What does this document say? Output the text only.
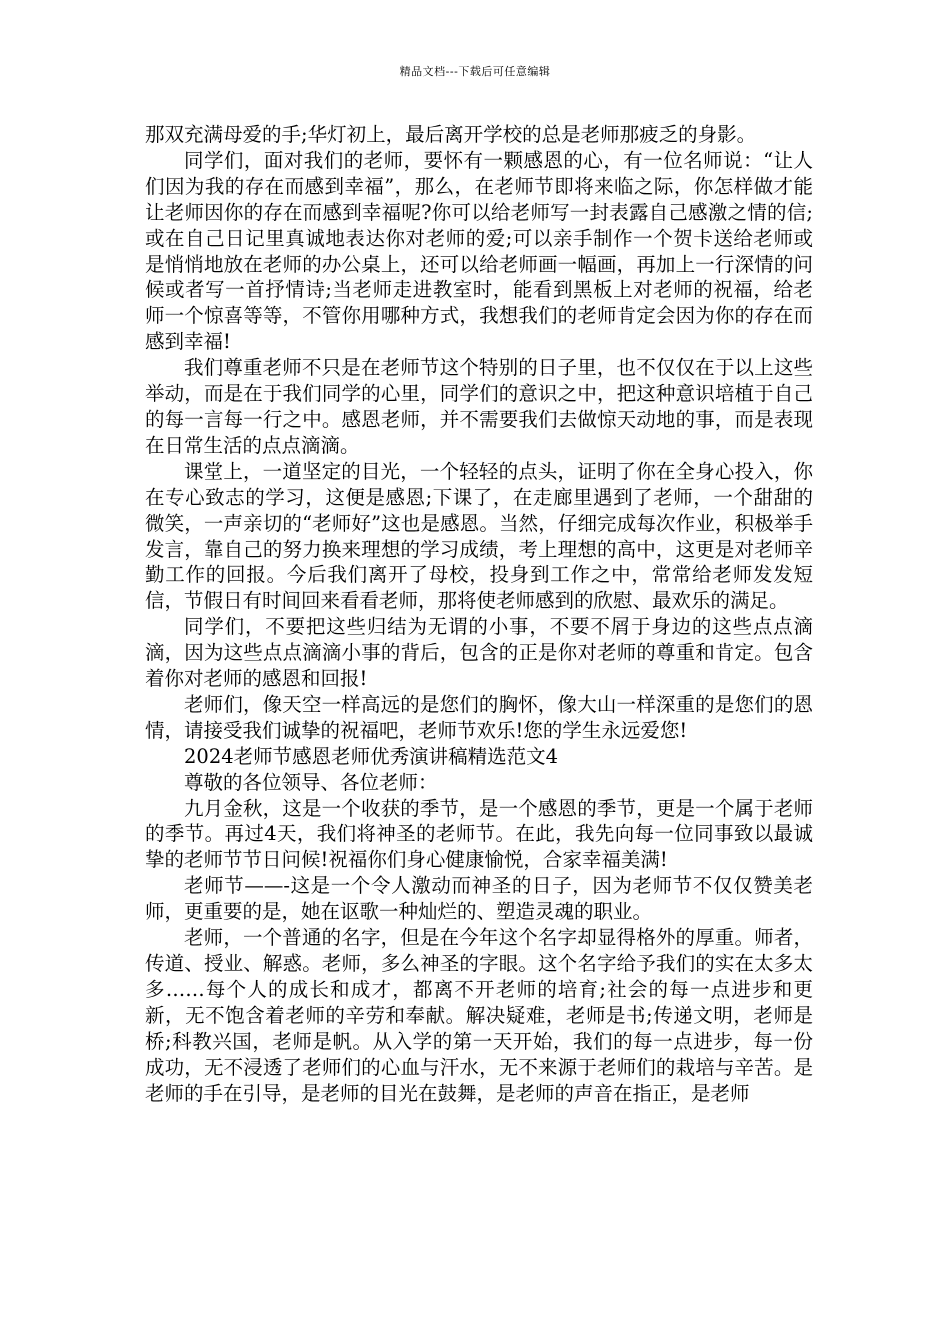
精品文档---下载后可任意编辑

那双充满母爱的手;华灯初上，最后离开学校的总是老师那疲乏的身影。

同学们，面对我们的老师，要怀有一颗感恩的心，有一位名师说：“让人们因为我的存在而感到幸福”，那么，在老师节即将来临之际，你怎样做才能让老师因你的存在而感到幸福呢?你可以给老师写一封表露自己感激之情的信;或在自己日记里真诚地表达你对老师的爱;可以亲手制作一个贺卡送给老师或是悄悄地放在老师的办公桌上，还可以给老师画一幅画，再加上一行深情的问候或者写一首抒情诗;当老师走进教室时，能看到黑板上对老师的祝福，给老师一个惊喜等等，不管你用哪种方式，我想我们的老师肯定会因为你的存在而感到幸福!

我们尊重老师不只是在老师节这个特别的日子里，也不仅仅在于以上这些举动，而是在于我们同学的心里，同学们的意识之中，把这种意识培植于自己的每一言每一行之中。感恩老师，并不需要我们去做惊天动地的事，而是表现在日常生活的点点滴滴。

课堂上，一道坚定的目光，一个轻轻的点头，证明了你在全身心投入，你在专心致志的学习，这便是感恩;下课了，在走廊里遇到了老师，一个甜甜的微笑，一声亲切的“老师好”这也是感恩。当然，仔细完成每次作业，积极举手发言，靠自己的努力换来理想的学习成绩，考上理想的高中，这更是对老师辛勤工作的回报。今后我们离开了母校，投身到工作之中，常常给老师发发短信，节假日有时间回来看看老师，那将使老师感到的欣慰、最欢乐的满足。

同学们，不要把这些归结为无谓的小事，不要不屑于身边的这些点点滴滴，因为这些点点滴滴小事的背后，包含的正是你对老师的尊重和肯定。包含着你对老师的感恩和回报!

老师们，像天空一样高远的是您们的胸怀，像大山一样深重的是您们的恩情，请接受我们诚挚的祝福吧，老师节欢乐!您的学生永远爱您!

2024老师节感恩老师优秀演讲稿精选范文4

尊敬的各位领导、各位老师：

九月金秋，这是一个收获的季节，是一个感恩的季节，更是一个属于老师的季节。再过4天，我们将神圣的老师节。在此，我先向每一位同事致以最诚挚的老师节节日问候!祝福你们身心健康愉悦，合家幸福美满!

老师节——-这是一个令人激动而神圣的日子，因为老师节不仅仅赞美老师，更重要的是，她在讴歌一种灿烂的、塑造灵魂的职业。

老师，一个普通的名字，但是在今年这个名字却显得格外的厚重。师者，传道、授业、解惑。老师，多么神圣的字眼。这个名字给予我们的实在太多太多……每个人的成长和成才，都离不开老师的培育;社会的每一点进步和更新，无不饱含着老师的辛劳和奉献。解决疑难，老师是书;传递文明，老师是桥;科教兴国，老师是帆。从入学的第一天开始，我们的每一点进步，每一份成功，无不浸透了老师们的心血与汗水，无不来源于老师们的栽培与辛苦。是老师的手在引导，是老师的目光在鼓舞，是老师的声音在指正，是老师
